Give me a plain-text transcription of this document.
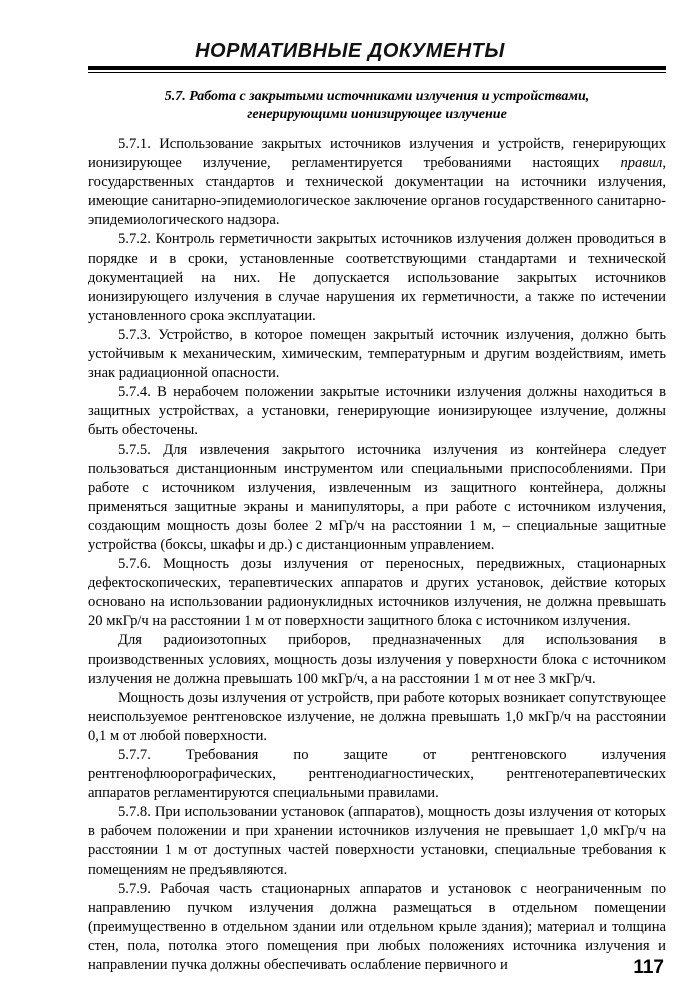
НОРМАТИВНЫЕ ДОКУМЕНТЫ
5.7. Работа с закрытыми источниками излучения и устройствами,
генерирующими ионизирующее излучение

5.7.1. Использование закрытых источников излучения и устройств, генерирующих ионизирующее излучение, регламентируется требованиями настоящих правил, государственных стандартов и технической документации на источники излучения, имеющие санитарно-эпидемиологическое заключение органов государственного санитарно-эпидемиологического надзора.

5.7.2. Контроль герметичности закрытых источников излучения должен проводиться в порядке и в сроки, установленные соответствующими стандартами и технической документацией на них. Не допускается использование закрытых источников ионизирующего излучения в случае нарушения их герметичности, а также по истечении установленного срока эксплуатации.

5.7.3. Устройство, в которое помещен закрытый источник излучения, должно быть устойчивым к механическим, химическим, температурным и другим воздействиям, иметь знак радиационной опасности.

5.7.4. В нерабочем положении закрытые источники излучения должны находиться в защитных устройствах, а установки, генерирующие ионизирующее излучение, должны быть обесточены.

5.7.5. Для извлечения закрытого источника излучения из контейнера следует пользоваться дистанционным инструментом или специальными приспособлениями. При работе с источником излучения, извлеченным из защитного контейнера, должны применяться защитные экраны и манипуляторы, а при работе с источником излучения, создающим мощность дозы более 2 мГр/ч на расстоянии 1 м, – специальные защитные устройства (боксы, шкафы и др.) с дистанционным управлением.

5.7.6. Мощность дозы излучения от переносных, передвижных, стационарных дефектоскопических, терапевтических аппаратов и других установок, действие которых основано на использовании радионуклидных источников излучения, не должна превышать 20 мкГр/ч на расстоянии 1 м от поверхности защитного блока с источником излучения.

Для радиоизотопных приборов, предназначенных для использования в производственных условиях, мощность дозы излучения у поверхности блока с источником излучения не должна превышать 100 мкГр/ч, а на расстоянии 1 м от нее 3 мкГр/ч.

Мощность дозы излучения от устройств, при работе которых возникает сопутствующее неиспользуемое рентгеновское излучение, не должна превышать 1,0 мкГр/ч на расстоянии 0,1 м от любой поверхности.

5.7.7. Требования по защите от рентгеновского излучения рентгенофлюорографических, рентгенодиагностических, рентгенотерапевтических аппаратов регламентируются специальными правилами.

5.7.8. При использовании установок (аппаратов), мощность дозы излучения от которых в рабочем положении и при хранении источников излучения не превышает 1,0 мкГр/ч на расстоянии 1 м от доступных частей поверхности установки, специальные требования к помещениям не предъявляются.

5.7.9. Рабочая часть стационарных аппаратов и установок с неограниченным по направлению пучком излучения должна размещаться в отдельном помещении (преимущественно в отдельном здании или отдельном крыле здания); материал и толщина стен, пола, потолка этого помещения при любых положениях источника излучения и направлении пучка должны обеспечивать ослабление первичного и	117
